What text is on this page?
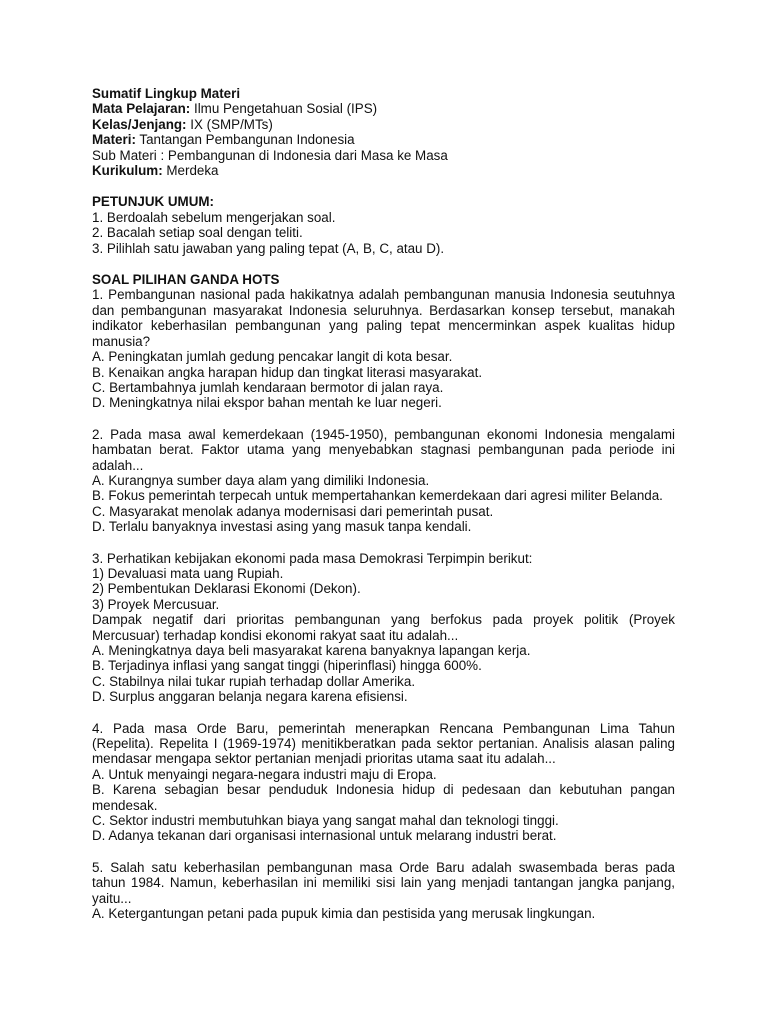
Sumatif Lingkup Materi
Mata Pelajaran: Ilmu Pengetahuan Sosial (IPS)
Kelas/Jenjang: IX (SMP/MTs)
Materi: Tantangan Pembangunan Indonesia
Sub Materi : Pembangunan di Indonesia dari Masa ke Masa
Kurikulum: Merdeka
PETUNJUK UMUM:
1. Berdoalah sebelum mengerjakan soal.
2. Bacalah setiap soal dengan teliti.
3. Pilihlah satu jawaban yang paling tepat (A, B, C, atau D).
SOAL PILIHAN GANDA HOTS
1. Pembangunan nasional pada hakikatnya adalah pembangunan manusia Indonesia seutuhnya dan pembangunan masyarakat Indonesia seluruhnya. Berdasarkan konsep tersebut, manakah indikator keberhasilan pembangunan yang paling tepat mencerminkan aspek kualitas hidup manusia?
A. Peningkatan jumlah gedung pencakar langit di kota besar.
B. Kenaikan angka harapan hidup dan tingkat literasi masyarakat.
C. Bertambahnya jumlah kendaraan bermotor di jalan raya.
D. Meningkatnya nilai ekspor bahan mentah ke luar negeri.
2. Pada masa awal kemerdekaan (1945-1950), pembangunan ekonomi Indonesia mengalami hambatan berat. Faktor utama yang menyebabkan stagnasi pembangunan pada periode ini adalah...
A. Kurangnya sumber daya alam yang dimiliki Indonesia.
B. Fokus pemerintah terpecah untuk mempertahankan kemerdekaan dari agresi militer Belanda.
C. Masyarakat menolak adanya modernisasi dari pemerintah pusat.
D. Terlalu banyaknya investasi asing yang masuk tanpa kendali.
3. Perhatikan kebijakan ekonomi pada masa Demokrasi Terpimpin berikut:
1) Devaluasi mata uang Rupiah.
2) Pembentukan Deklarasi Ekonomi (Dekon).
3) Proyek Mercusuar.
Dampak negatif dari prioritas pembangunan yang berfokus pada proyek politik (Proyek Mercusuar) terhadap kondisi ekonomi rakyat saat itu adalah...
A. Meningkatnya daya beli masyarakat karena banyaknya lapangan kerja.
B. Terjadinya inflasi yang sangat tinggi (hiperinflasi) hingga 600%.
C. Stabilnya nilai tukar rupiah terhadap dollar Amerika.
D. Surplus anggaran belanja negara karena efisiensi.
4. Pada masa Orde Baru, pemerintah menerapkan Rencana Pembangunan Lima Tahun (Repelita). Repelita I (1969-1974) menitikberatkan pada sektor pertanian. Analisis alasan paling mendasar mengapa sektor pertanian menjadi prioritas utama saat itu adalah...
A. Untuk menyaingi negara-negara industri maju di Eropa.
B. Karena sebagian besar penduduk Indonesia hidup di pedesaan dan kebutuhan pangan mendesak.
C. Sektor industri membutuhkan biaya yang sangat mahal dan teknologi tinggi.
D. Adanya tekanan dari organisasi internasional untuk melarang industri berat.
5. Salah satu keberhasilan pembangunan masa Orde Baru adalah swasembada beras pada tahun 1984. Namun, keberhasilan ini memiliki sisi lain yang menjadi tantangan jangka panjang, yaitu...
A. Ketergantungan petani pada pupuk kimia dan pestisida yang merusak lingkungan.
